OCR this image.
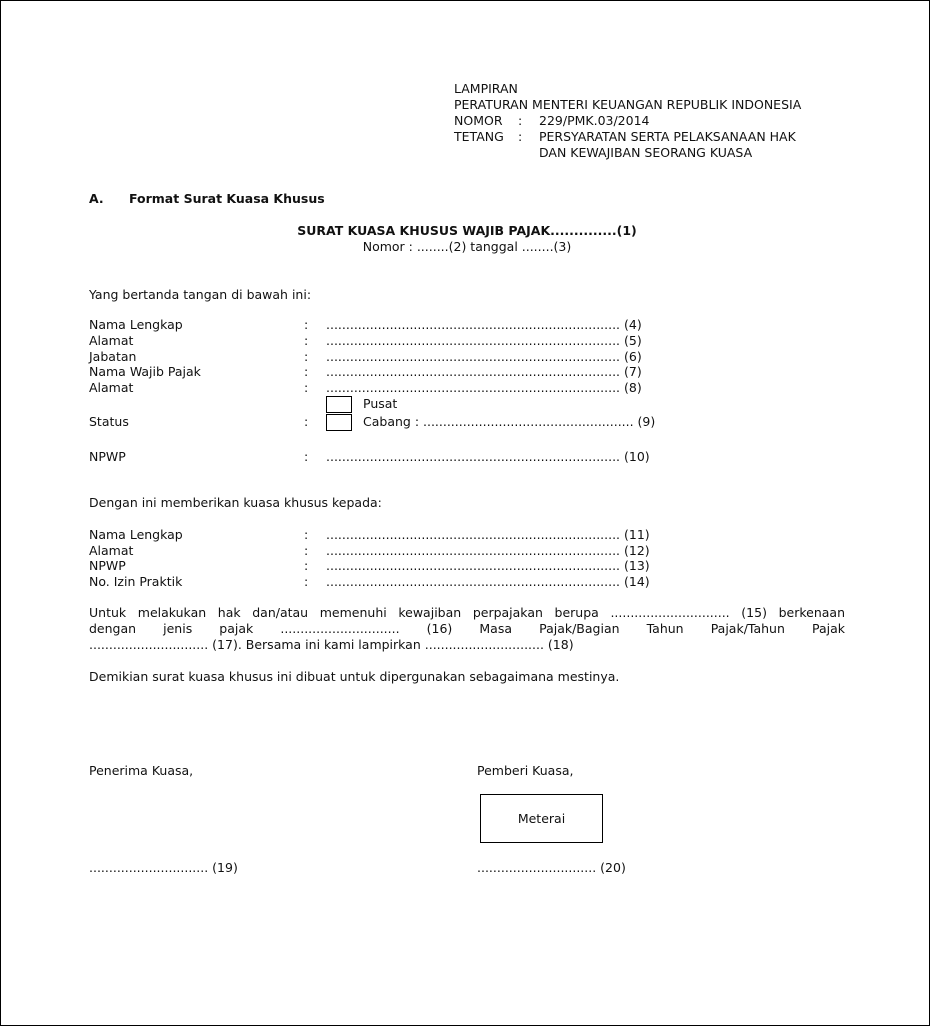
LAMPIRAN
PERATURAN MENTERI KEUANGAN REPUBLIK INDONESIA
NOMOR : 229/PMK.03/2014
TETANG : PERSYARATAN SERTA PELAKSANAAN HAK
DAN KEWAJIBAN SEORANG KUASA
A. Format Surat Kuasa Khusus
SURAT KUASA KHUSUS WAJIB PAJAK..............(1)
Nomor : ........(2) tanggal ........(3)
Yang bertanda tangan di bawah ini:
Nama Lengkap	: .......................................................................... (4)
Alamat	: .......................................................................... (5)
Jabatan	: .......................................................................... (6)
Nama Wajib Pajak	: .......................................................................... (7)
Alamat	: .......................................................................... (8)
Pusat
Status	:	Cabang : ..................................................... (9)
NPWP	: .......................................................................... (10)
Dengan ini memberikan kuasa khusus kepada:
Nama Lengkap	: .......................................................................... (11)
Alamat	: .......................................................................... (12)
NPWP	: .......................................................................... (13)
No. Izin Praktik	: .......................................................................... (14)
Untuk melakukan hak dan/atau memenuhi kewajiban perpajakan berupa .............................. (15) berkenaan
dengan jenis pajak .............................. (16) Masa Pajak/Bagian Tahun Pajak/Tahun Pajak
.............................. (17). Bersama ini kami lampirkan .............................. (18)
Demikian surat kuasa khusus ini dibuat untuk dipergunakan sebagaimana mestinya.
Penerima Kuasa,	Pemberi Kuasa,
Meterai
.............................. (19)	.............................. (20)
